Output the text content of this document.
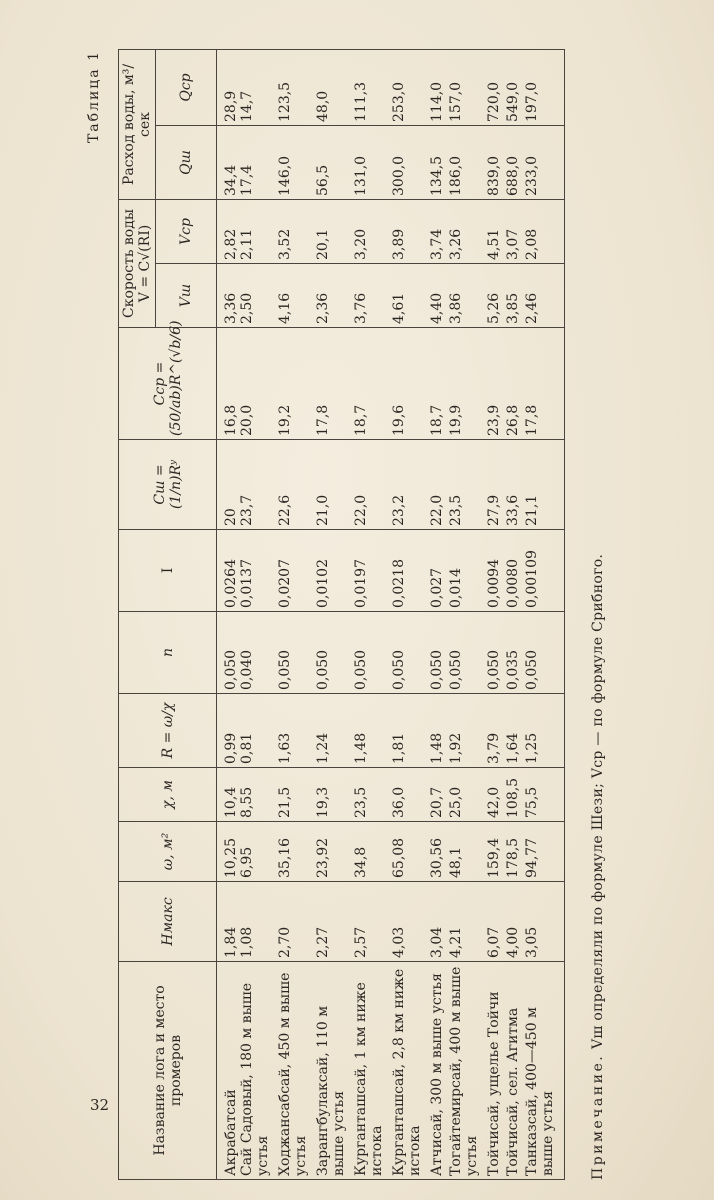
32
Таблица 1
Название лога и место промеров	Hмакс	ω, м²	χ, м	R = ω/χ	n	I	Cш = (1/n)Rʸ	Cср = (50/ab)R^(√b/6)	Скорость воды V = C√(RI)		Расход воды, м³/сек	
									Vш	Vср	Qш	Qср
Акрабатсай	1,84	10,25	10,4	0,99	0,050	0,0264	20	16,8	3,36	2,82	34,4	28,9
Сай Садовый, 180 м выше устья	1,08	6,95	8,55	0,81	0,040	0,0137	23,7	20,0	2,50	2,11	17,4	14,7
Ходжансабсай, 450 м выше устья	2,70	35,16	21,5	1,63	0,050	0,0207	22,6	19,2	4,16	3,52	146,0	123,5
Зарангбулаксай, 110 м выше устья	2,27	23,92	19,3	1,24	0,050	0,0102	21,0	17,8	2,36	20,1	56,5	48,0
Курганташсай, 1 км ниже истока	2,57	34,8	23,5	1,48	0,050	0,0197	22,0	18,7	3,76	3,20	131,0	111,3
Курганташсай, 2,8 км ниже истока	4,03	65,08	36,0	1,81	0,050	0,0218	23,2	19,6	4,61	3,89	300,0	253,0
Атчисай, 300 м выше устья	3,04	30,56	20,7	1,48	0,050	0,027	22,0	18,7	4,40	3,74	134,5	114,0
Тогайтемирсай, 400 м выше устья	4,21	48,1	25,0	1,92	0,050	0,014	23,5	19,9	3,86	3,26	186,0	157,0
Тойчисай, ущелье Тойчи	6,07	159,4	42,0	3,79	0,050	0,0094	27,9	23,9	5,26	4,51	839,0	720,0
Тойчисай, сел. Агитма	4,00	178,5	108,5	1,64	0,035	0,0080	33,6	26,8	3,85	3,07	688,0	549,0
Танказсай, 400—450 м выше устья	3,05	94,77	75,5	1,25	0,050	0,00109	21,1	17,8	2,46	2,08	233,0	197,0
Примечание. Vш определяли по формуле Шези; Vср — по формуле Срибного.
